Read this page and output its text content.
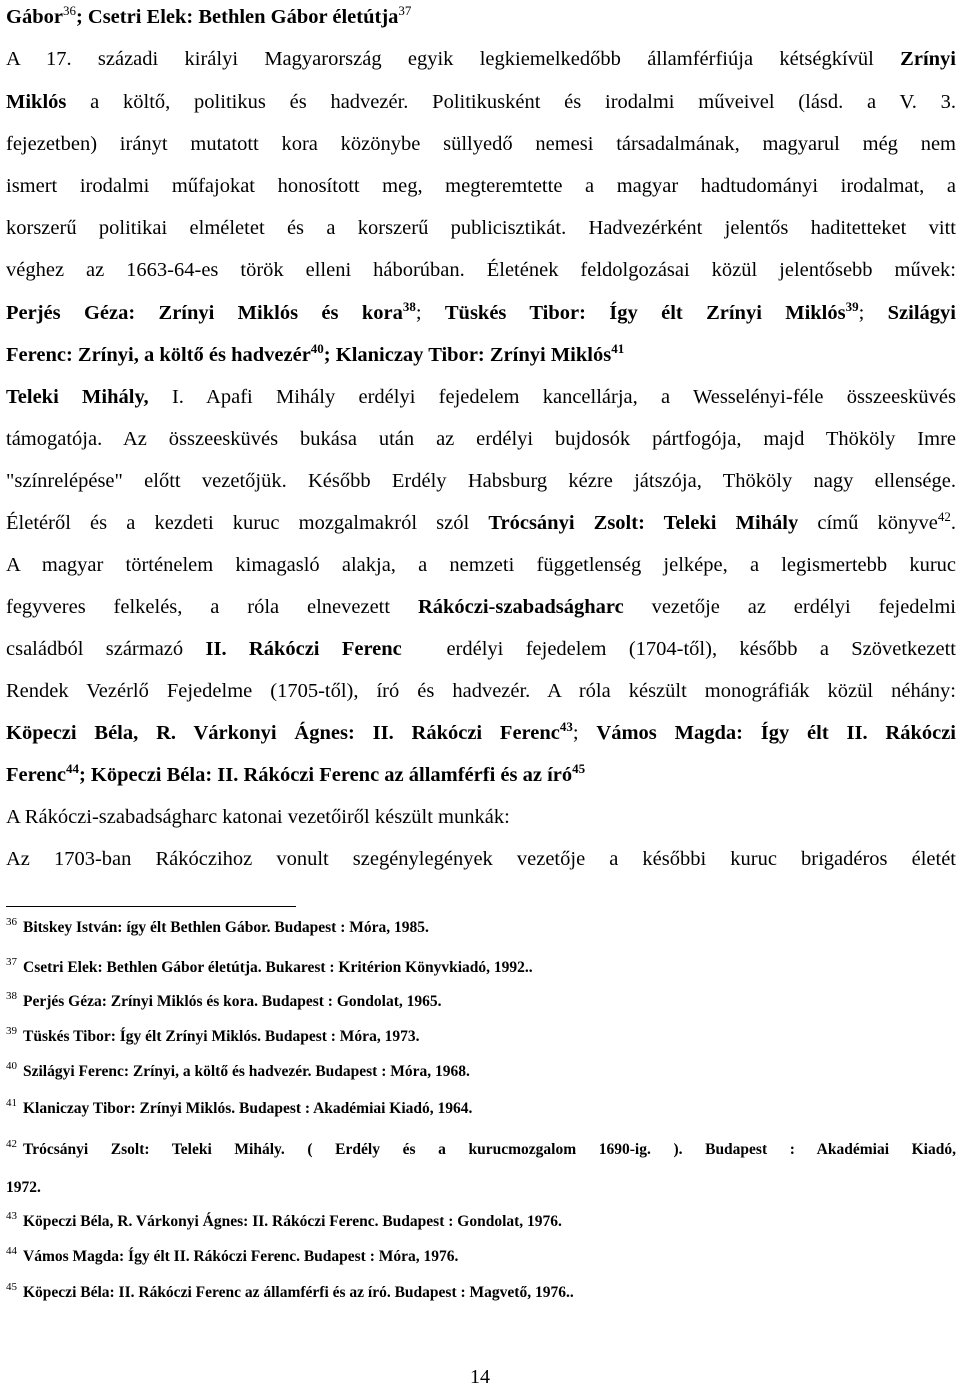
Gábor$^{36}$; Csetri Elek: Bethlen Gábor életútja$^{37}$
A 17. századi királyi Magyarország egyik legkiemelkedőbb államférfiúja kétségkívül Zrínyi
Miklós a költő, politikus és hadvezér. Politikusként és irodalmi műveivel (lásd. a V. 3.
fejezetben) irányt mutatott kora közönybe süllyedő nemesi társadalmának, magyarul még nem
ismert irodalmi műfajokat honosított meg, megteremtette a magyar hadtudományi irodalmat, a
korszerű politikai elméletet és a korszerű publicisztikát. Hadvezérként jelentős haditetteket vitt
véghez az 1663-64-es török elleni háborúban. Életének feldolgozásai közül jelentősebb művek:
Perjés Géza: Zrínyi Miklós és kora$^{38}$; Tüskés Tibor: Így élt Zrínyi Miklós$^{39}$; Szilágyi
Ferenc: Zrínyi, a költő és hadvezér$^{40}$; Klaniczay Tibor: Zrínyi Miklós$^{41}$
Teleki Mihály, I. Apafi Mihály erdélyi fejedelem kancellárja, a Wesselényi-féle összeesküvés
támogatója. Az összeesküvés bukása után az erdélyi bujdosók pártfogója, majd Thököly Imre
"színrelépése" előtt vezetőjük. Később Erdély Habsburg kézre játszója, Thököly nagy ellensége.
Életéről és a kezdeti kuruc mozgalmakról szól Trócsányi Zsolt: Teleki Mihály című könyve$^{42}$.
A magyar történelem kimagasló alakja, a nemzeti függetlenség jelképe, a legismertebb kuruc
fegyveres felkelés, a róla elnevezett Rákóczi-szabadságharc vezetője az erdélyi fejedelmi
családból származó II. Rákóczi Ferenc  erdélyi fejedelem (1704-től), később a Szövetkezett
Rendek Vezérlő Fejedelme (1705-től), író és hadvezér. A róla készült monográfiák közül néhány:
Köpeczi Béla, R. Várkonyi Ágnes: II. Rákóczi Ferenc$^{43}$; Vámos Magda: Így élt II. Rákóczi
Ferenc$^{44}$; Köpeczi Béla: II. Rákóczi Ferenc az államférfi és az író$^{45}$
A Rákóczi-szabadságharc katonai vezetőiről készült munkák:
Az 1703-ban Rákóczihoz vonult szegénylegények vezetője a későbbi kuruc brigadéros életét
$^{36}$ Bitskey István: így élt Bethlen Gábor. Budapest : Móra, 1985.
$^{37}$ Csetri Elek: Bethlen Gábor életútja. Bukarest : Kritérion Könyvkiadó, 1992..
$^{38}$ Perjés Géza: Zrínyi Miklós és kora. Budapest : Gondolat, 1965.
$^{39}$ Tüskés Tibor: Így élt Zrínyi Miklós. Budapest : Móra, 1973.
$^{40}$ Szilágyi Ferenc: Zrínyi, a költő és hadvezér. Budapest : Móra, 1968.
$^{41}$ Klaniczay Tibor: Zrínyi Miklós. Budapest : Akadémiai Kiadó, 1964.
$^{42}$ Trócsányi Zsolt: Teleki Mihály. ( Erdély és a kurucmozgalom 1690-ig. ). Budapest : Akadémiai Kiadó,
1972.
$^{43}$ Köpeczi Béla, R. Várkonyi Ágnes: II. Rákóczi Ferenc. Budapest : Gondolat, 1976.
$^{44}$ Vámos Magda: Így élt II. Rákóczi Ferenc. Budapest : Móra, 1976.
$^{45}$ Köpeczi Béla: II. Rákóczi Ferenc az államférfi és az író. Budapest : Magvető, 1976..
14
